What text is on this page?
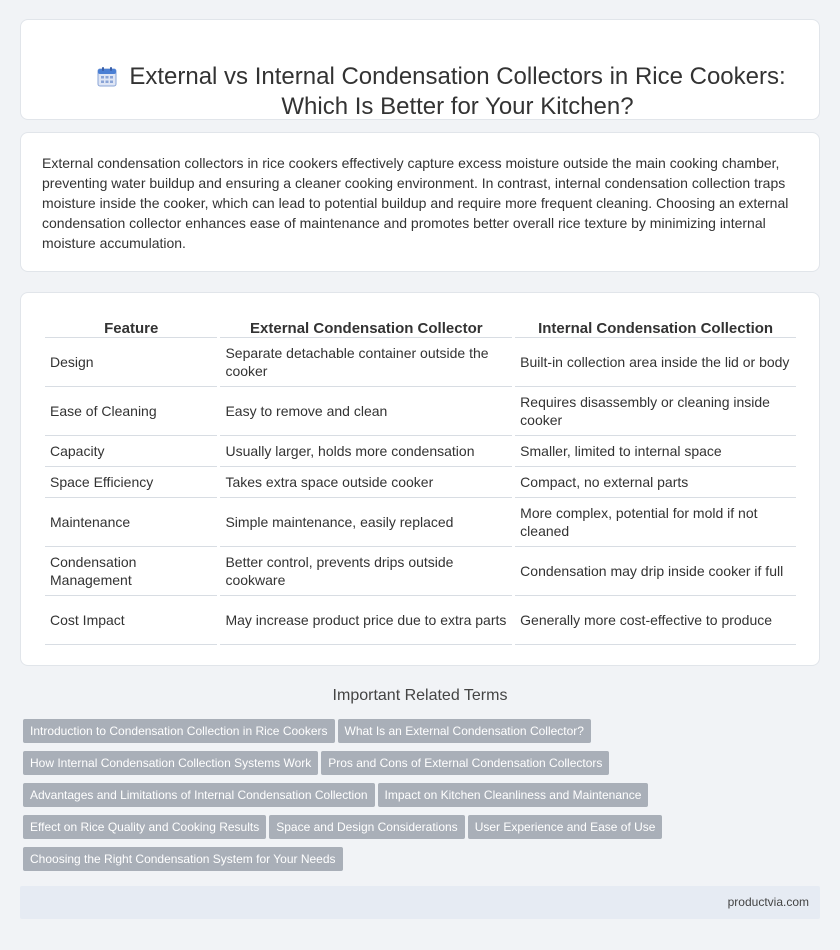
External vs Internal Condensation Collectors in Rice Cookers: Which Is Better for Your Kitchen?

External condensation collectors in rice cookers effectively capture excess moisture outside the main cooking chamber, preventing water buildup and ensuring a cleaner cooking environment. In contrast, internal condensation collection traps moisture inside the cooker, which can lead to potential buildup and require more frequent cleaning. Choosing an external condensation collector enhances ease of maintenance and promotes better overall rice texture by minimizing internal moisture accumulation.

Feature	External Condensation Collector	Internal Condensation Collection
Design	Separate detachable container outside the cooker	Built-in collection area inside the lid or body
Ease of Cleaning	Easy to remove and clean	Requires disassembly or cleaning inside cooker
Capacity	Usually larger, holds more condensation	Smaller, limited to internal space
Space Efficiency	Takes extra space outside cooker	Compact, no external parts
Maintenance	Simple maintenance, easily replaced	More complex, potential for mold if not cleaned
Condensation Management	Better control, prevents drips outside cookware	Condensation may drip inside cooker if full
Cost Impact	May increase product price due to extra parts	Generally more cost-effective to produce
Important Related Terms
Introduction to Condensation Collection in Rice Cookers What Is an External Condensation Collector?
How Internal Condensation Collection Systems Work Pros and Cons of External Condensation Collectors
Advantages and Limitations of Internal Condensation Collection Impact on Kitchen Cleanliness and Maintenance
Effect on Rice Quality and Cooking Results Space and Design Considerations User Experience and Ease of Use
Choosing the Right Condensation System for Your Needs
productvia.com
